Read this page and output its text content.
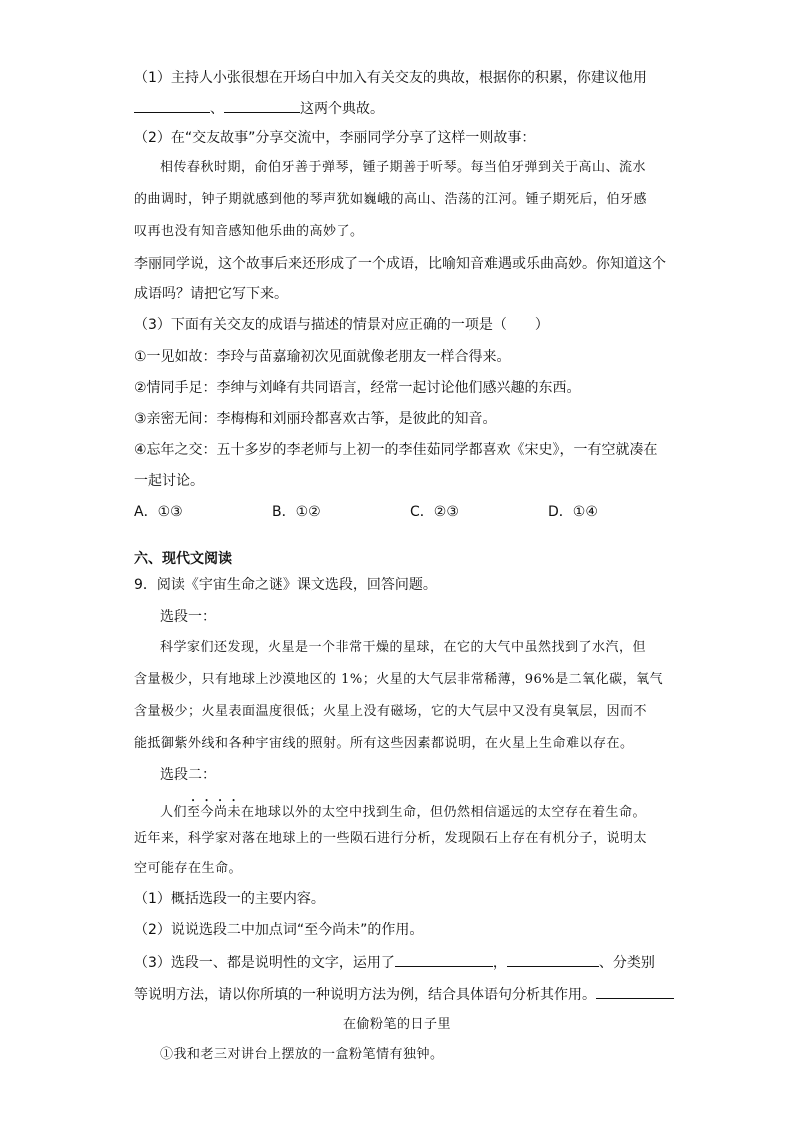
（1）主持人小张很想在开场白中加入有关交友的典故，根据你的积累，你建议他用
、	这两个典故。
（2）在“交友故事”分享交流中，李丽同学分享了这样一则故事：
相传春秋时期，俞伯牙善于弹琴，锺子期善于听琴。每当伯牙弹到关于高山、流水
的曲调时，钟子期就感到他的琴声犹如巍峨的高山、浩荡的江河。锺子期死后，伯牙感
叹再也没有知音感知他乐曲的高妙了。
李丽同学说，这个故事后来还形成了一个成语，比喻知音难遇或乐曲高妙。你知道这个
成语吗？请把它写下来。
（3）下面有关交友的成语与描述的情景对应正确的一项是（　　）
①一见如故：李玲与苗嘉瑜初次见面就像老朋友一样合得来。
②情同手足：李绅与刘峰有共同语言，经常一起讨论他们感兴趣的东西。
③亲密无间：李梅梅和刘丽玲都喜欢古筝，是彼此的知音。
④忘年之交：五十多岁的李老师与上初一的李佳茹同学都喜欢《宋史》，一有空就凑在
一起讨论。
A．①③	B．①②	C．②③	D．①④
六、现代文阅读
9．阅读《宇宙生命之谜》课文选段，回答问题。
选段一：
科学家们还发现，火星是一个非常干燥的星球，在它的大气中虽然找到了水汽，但
含量极少，只有地球上沙漠地区的 1%；火星的大气层非常稀薄，96%是二氧化碳，氧气
含量极少；火星表面温度很低；火星上没有磁场，它的大气层中又没有臭氧层，因而不
能抵御紫外线和各种宇宙线的照射。所有这些因素都说明，在火星上生命难以存在。
选段二：
人们至今尚未在地球以外的太空中找到生命，但仍然相信遥远的太空存在着生命。
近年来，科学家对落在地球上的一些陨石进行分析，发现陨石上存在有机分子，说明太
空可能存在生命。
（1）概括选段一的主要内容。
（2）说说选段二中加点词“至今尚未”的作用。
（3）选段一、都是说明性的文字，运用了	，	、分类别
等说明方法，请以你所填的一种说明方法为例，结合具体语句分析其作用。
在偷粉笔的日子里
①我和老三对讲台上摆放的一盒粉笔情有独钟。
